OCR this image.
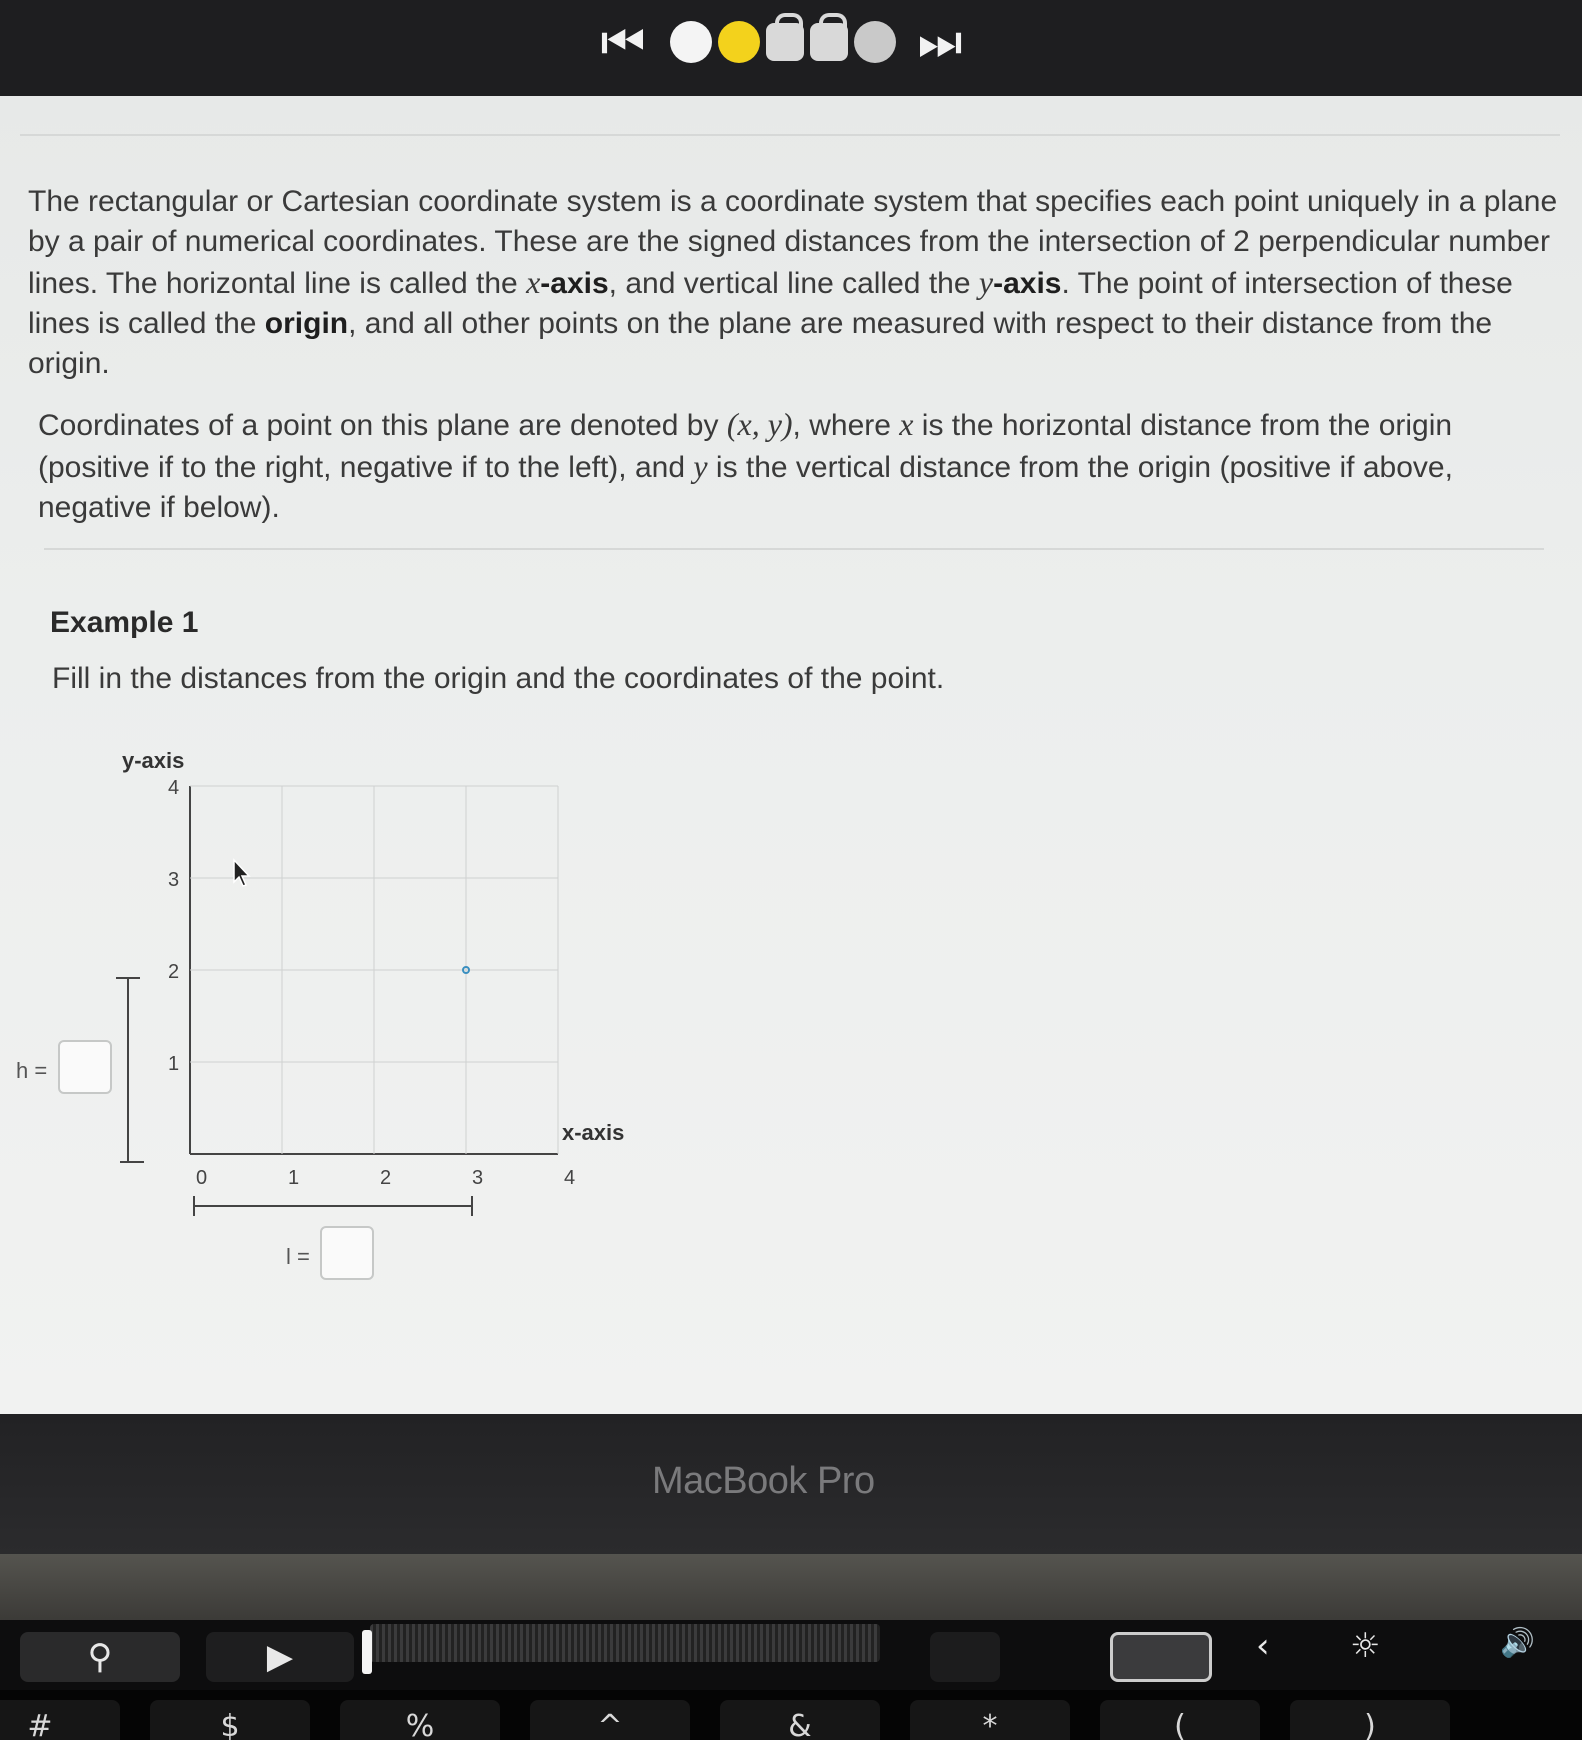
⏮	⏭

The rectangular or Cartesian coordinate system is a coordinate system that specifies each point uniquely in a plane by a pair of numerical coordinates. These are the signed distances from the intersection of 2 perpendicular number lines. The horizontal line is called the x-axis, and vertical line called the y-axis. The point of intersection of these lines is called the origin, and all other points on the plane are measured with respect to their distance from the origin.

Coordinates of a point on this plane are denoted by (x, y), where x is the horizontal distance from the origin (positive if to the right, negative if to the left), and y is the vertical distance from the origin (positive if above, negative if below).

Example 1
Fill in the distances from the origin and the coordinates of the point.
0	1	2	3	4
4
3
2
1
y-axis
x-axis
h =
l =
MacBook Pro
⚲	▶	‹ ☼	🔊
#	$	%	^	&	*	(	)
